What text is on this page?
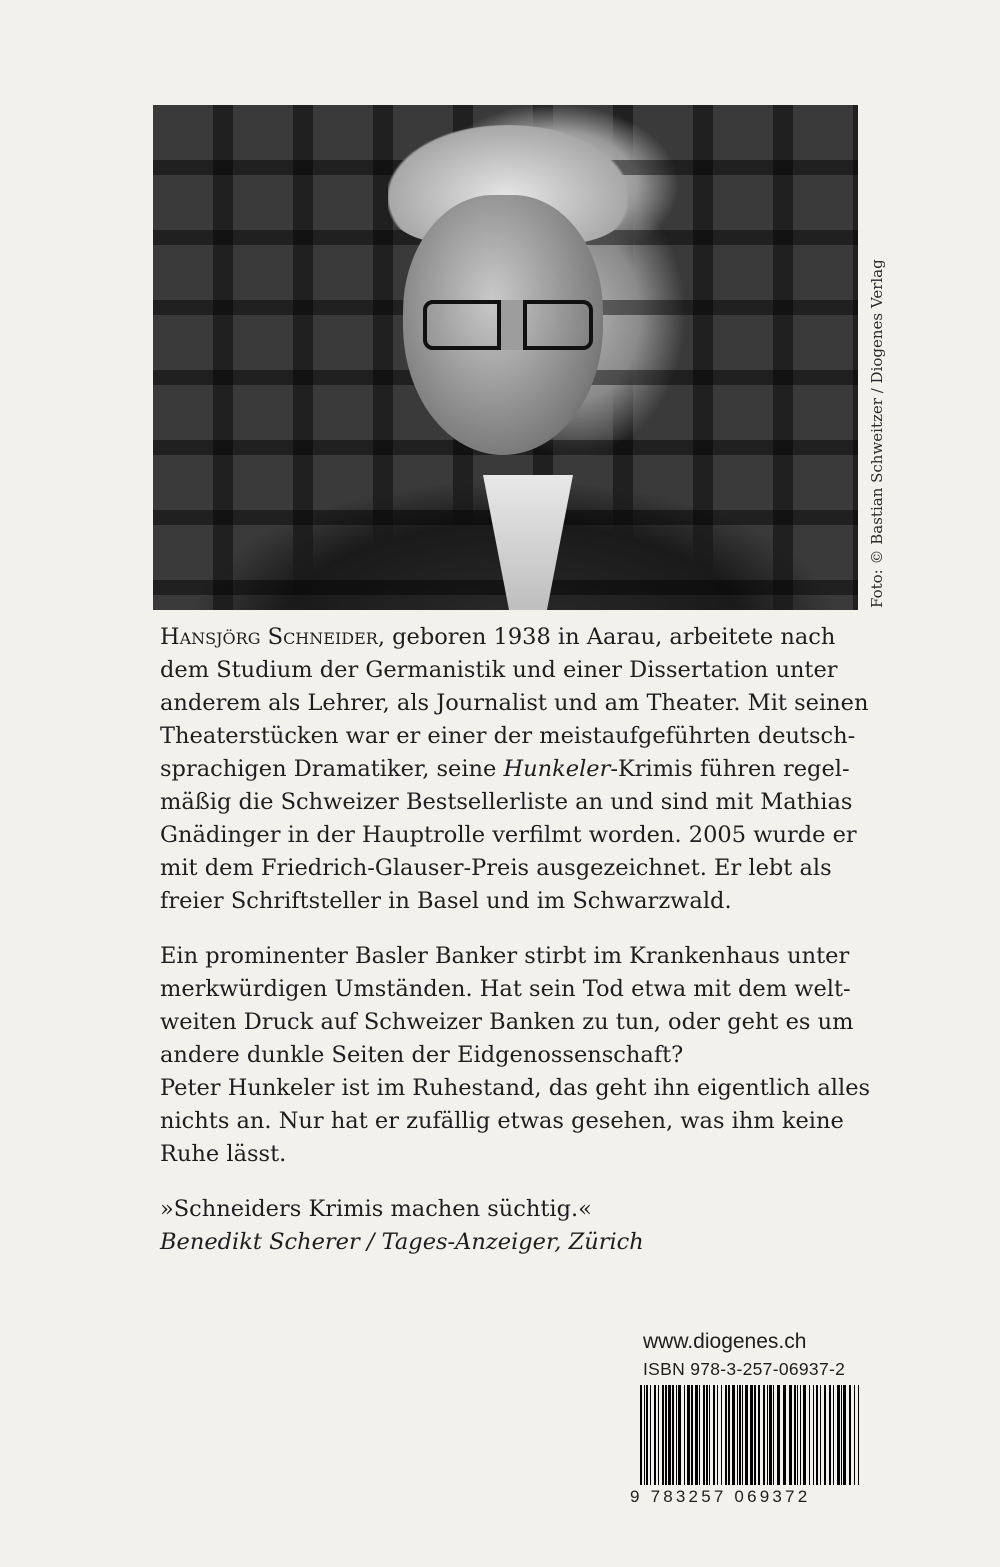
Foto: © Bastian Schweitzer / Diogenes Verlag

Hansjörg Schneider, geboren 1938 in Aarau, arbeitete nach
dem Studium der Germanistik und einer Dissertation unter
anderem als Lehrer, als Journalist und am Theater. Mit seinen
Theaterstücken war er einer der meistaufgeführten deutsch-
sprachigen Dramatiker, seine Hunkeler-Krimis führen regel-
mäßig die Schweizer Bestsellerliste an und sind mit Mathias
Gnädinger in der Hauptrolle verfilmt worden. 2005 wurde er
mit dem Friedrich-Glauser-Preis ausgezeichnet. Er lebt als
freier Schriftsteller in Basel und im Schwarzwald.

Ein prominenter Basler Banker stirbt im Krankenhaus unter
merkwürdigen Umständen. Hat sein Tod etwa mit dem welt-
weiten Druck auf Schweizer Banken zu tun, oder geht es um
andere dunkle Seiten der Eidgenossenschaft?
Peter Hunkeler ist im Ruhestand, das geht ihn eigentlich alles
nichts an. Nur hat er zufällig etwas gesehen, was ihm keine
Ruhe lässt.

»Schneiders Krimis machen süchtig.«
Benedikt Scherer / Tages-Anzeiger, Zürich

www.diogenes.ch
ISBN 978-3-257-06937-2
9 783257 069372
